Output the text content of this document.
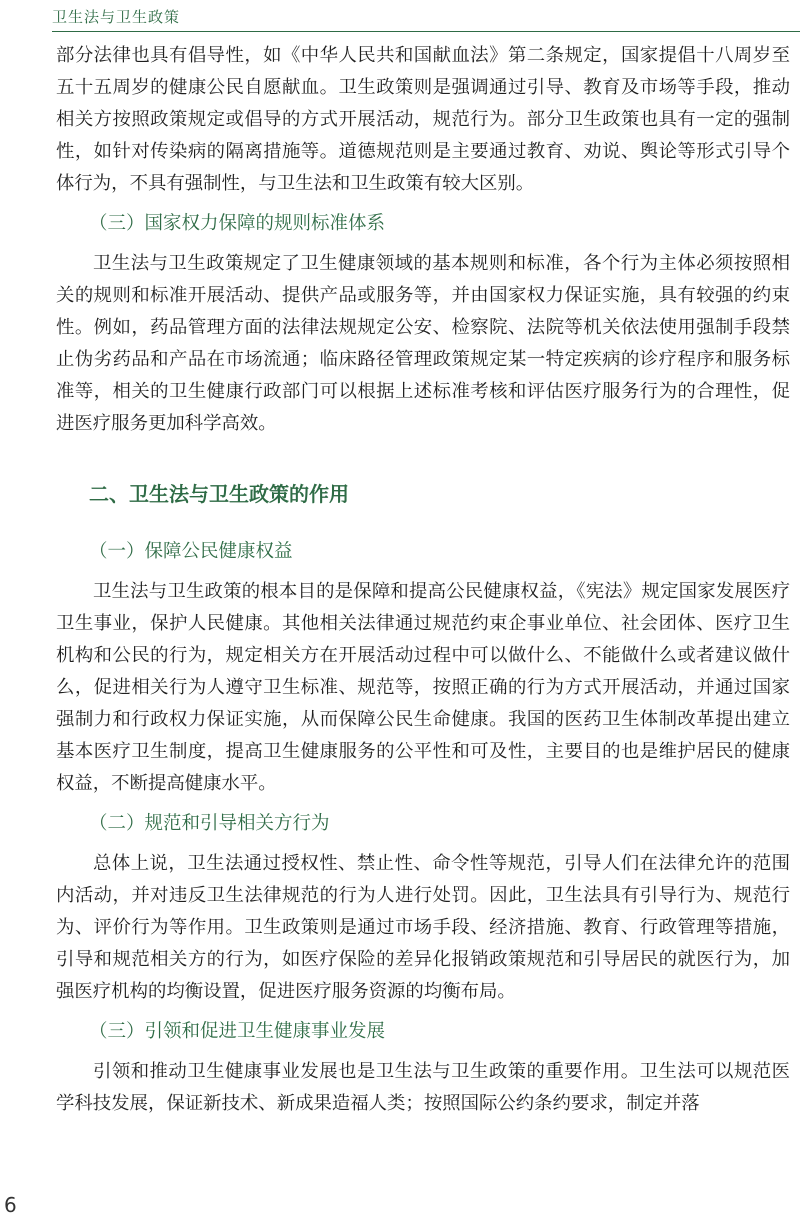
卫生法与卫生政策

部分法律也具有倡导性，如《中华人民共和国献血法》第二条规定，国家提倡十八周岁至五十五周岁的健康公民自愿献血。卫生政策则是强调通过引导、教育及市场等手段，推动相关方按照政策规定或倡导的方式开展活动，规范行为。部分卫生政策也具有一定的强制性，如针对传染病的隔离措施等。道德规范则是主要通过教育、劝说、舆论等形式引导个体行为，不具有强制性，与卫生法和卫生政策有较大区别。

（三）国家权力保障的规则标准体系

卫生法与卫生政策规定了卫生健康领域的基本规则和标准，各个行为主体必须按照相关的规则和标准开展活动、提供产品或服务等，并由国家权力保证实施，具有较强的约束性。例如，药品管理方面的法律法规规定公安、检察院、法院等机关依法使用强制手段禁止伪劣药品和产品在市场流通；临床路径管理政策规定某一特定疾病的诊疗程序和服务标准等，相关的卫生健康行政部门可以根据上述标准考核和评估医疗服务行为的合理性，促进医疗服务更加科学高效。

二、卫生法与卫生政策的作用
（一）保障公民健康权益

卫生法与卫生政策的根本目的是保障和提高公民健康权益，《宪法》规定国家发展医疗卫生事业，保护人民健康。其他相关法律通过规范约束企事业单位、社会团体、医疗卫生机构和公民的行为，规定相关方在开展活动过程中可以做什么、不能做什么或者建议做什么，促进相关行为人遵守卫生标准、规范等，按照正确的行为方式开展活动，并通过国家强制力和行政权力保证实施，从而保障公民生命健康。我国的医药卫生体制改革提出建立基本医疗卫生制度，提高卫生健康服务的公平性和可及性，主要目的也是维护居民的健康权益，不断提高健康水平。

（二）规范和引导相关方行为

总体上说，卫生法通过授权性、禁止性、命令性等规范，引导人们在法律允许的范围内活动，并对违反卫生法律规范的行为人进行处罚。因此，卫生法具有引导行为、规范行为、评价行为等作用。卫生政策则是通过市场手段、经济措施、教育、行政管理等措施，引导和规范相关方的行为，如医疗保险的差异化报销政策规范和引导居民的就医行为，加强医疗机构的均衡设置，促进医疗服务资源的均衡布局。

（三）引领和促进卫生健康事业发展

引领和推动卫生健康事业发展也是卫生法与卫生政策的重要作用。卫生法可以规范医学科技发展，保证新技术、新成果造福人类；按照国际公约条约要求，制定并落

6
